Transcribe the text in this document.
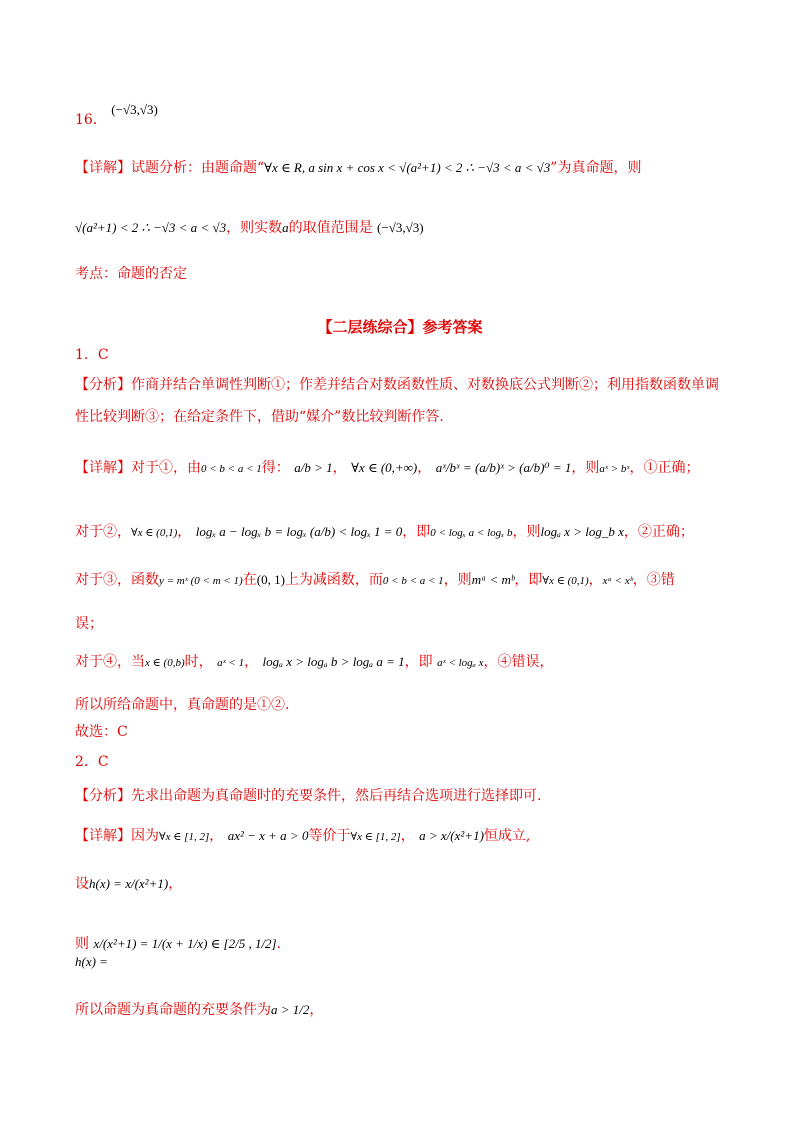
16． (−√3,√3)
【详解】试题分析：由题命题“∀x ∈ R, a sin x + cos x < √(a²+1) < 2 ∴ −√3 < a < √3”为真命题，则
√(a²+1) < 2 ∴ −√3 < a < √3，则实数a的取值范围是 (−√3,√3)
考点：命题的否定
【二层练综合】参考答案
1．C
【分析】作商并结合单调性判断①；作差并结合对数函数性质、对数换底公式判断②；利用指数函数单调
性比较判断③；在给定条件下，借助“媒介”数比较判断作答.
【详解】对于①，由0 < b < a < 1得： a/b > 1， ∀x ∈ (0,+∞)， aˣ/bˣ = (a/b)ˣ > (a/b)⁰ = 1，则aˣ > bˣ，①正确；
对于②，∀x ∈ (0,1)， logₓ a − logₓ b = logₓ (a/b) < logₓ 1 = 0，即0 < logₓ a < logₓ b，则logₐ x > log_b x，②正确；
对于③，函数y = mˣ (0 < m < 1)在(0, 1)上为减函数，而0 < b < a < 1，则mᵃ < mᵇ，即∀x ∈ (0,1)，xᵃ < xᵇ，③错
误；
对于④，当x ∈ (0,b)时， aˣ < 1， logₐ x > logₐ b > logₐ a = 1，即 aˣ < logₐ x，④错误，
所以所给命题中，真命题的是①②.
故选：C
2．C
【分析】先求出命题为真命题时的充要条件，然后再结合选项进行选择即可.
【详解】因为∀x ∈ [1, 2]， ax² − x + a > 0等价于∀x ∈ [1, 2]， a > x/(x²+1)恒成立,
设h(x) = x/(x²+1)，
则 x/(x²+1) = 1/(x + 1/x) ∈ [2/5 , 1/2].
h(x) =
所以命题为真命题的充要条件为a > 1/2，
